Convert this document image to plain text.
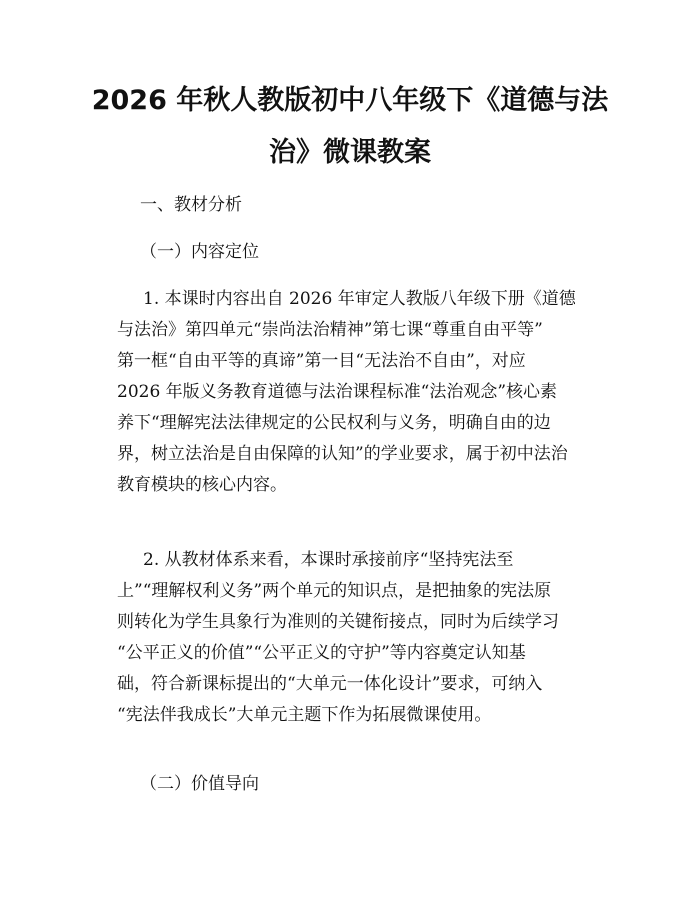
2026 年秋人教版初中八年级下《道德与法
治》微课教案
一、教材分析
（一）内容定位
1. 本课时内容出自 2026 年审定人教版八年级下册《道德
与法治》第四单元“崇尚法治精神”第七课“尊重自由平等”
第一框“自由平等的真谛”第一目“无法治不自由”，对应
2026 年版义务教育道德与法治课程标准“法治观念”核心素
养下“理解宪法法律规定的公民权利与义务，明确自由的边
界，树立法治是自由保障的认知”的学业要求，属于初中法治
教育模块的核心内容。
2. 从教材体系来看，本课时承接前序“坚持宪法至
上”“理解权利义务”两个单元的知识点，是把抽象的宪法原
则转化为学生具象行为准则的关键衔接点，同时为后续学习
“公平正义的价值”“公平正义的守护”等内容奠定认知基
础，符合新课标提出的“大单元一体化设计”要求，可纳入
“宪法伴我成长”大单元主题下作为拓展微课使用。
（二）价值导向
